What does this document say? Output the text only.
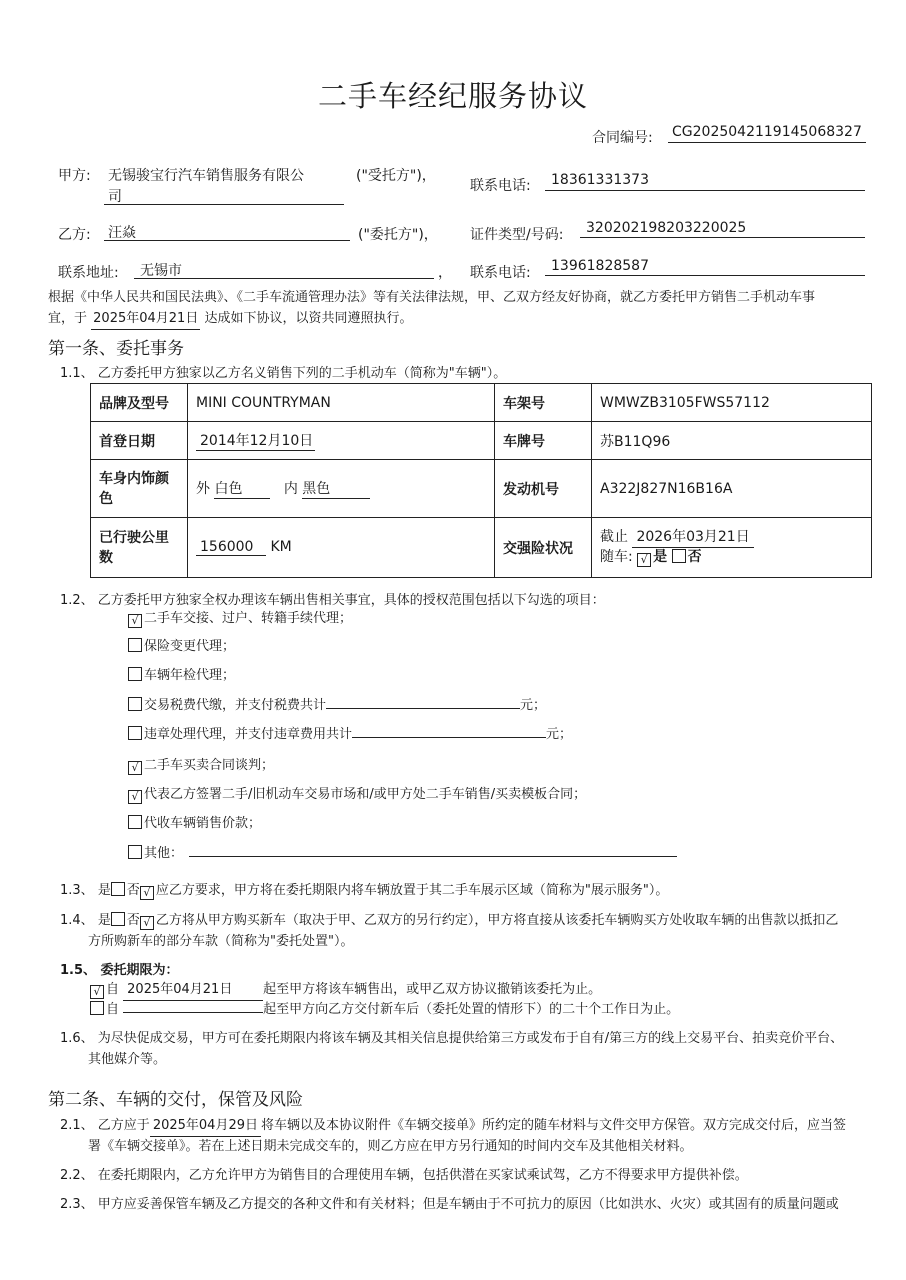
二手车经纪服务协议
合同编号: CG2025042119145068327
甲方: 无锡骏宝行汽车销售服务有限公
司
("受托方")，
联系电话: 18361331373
乙方: 汪焱	("委托方")， 证件类型/号码: 320202198203220025
联系地址: 无锡市	， 联系电话: 13961828587
根据《中华人民共和国民法典》、《二手车流通管理办法》等有关法律法规，甲、乙双方经友好协商，就乙方委托甲方销售二手机动车事
宜，于 2025年04月21日 达成如下协议，以资共同遵照执行。
第一条、委托事务
1.1、 乙方委托甲方独家以乙方名义销售下列的二手机动车（简称为"车辆"）。
品牌及型号	MINI COUNTRYMAN	车架号	WMWZB3105FWS57112
首登日期	2014年12月10日	车牌号	苏B11Q96
车身内饰颜色	外 白色 内 黑色	发动机号	A322J827N16B16A
已行驶公里数	156000 KM	交强险状况	截止 2026年03月21日
随车: √ 是 否
1.2、 乙方委托甲方独家全权办理该车辆出售相关事宜，具体的授权范围包括以下勾选的项目：
√ 二手车交接、过户、转籍手续代理；
保险变更代理；
车辆年检代理；
交易税费代缴，并支付税费共计	元；
违章处理代理，并支付违章费用共计	元；
√ 二手车买卖合同谈判；
√ 代表乙方签署二手/旧机动车交易市场和/或甲方处二手车销售/买卖模板合同；
代收车辆销售价款；
其他：
1.3、 是 否 √ 应乙方要求，甲方将在委托期限内将车辆放置于其二手车展示区域（简称为"展示服务"）。
1.4、 是 否 √ 乙方将从甲方购买新车（取决于甲、乙双方的另行约定），甲方将直接从该委托车辆购买方处收取车辆的出售款以抵扣乙
方所购新车的部分车款（简称为"委托处置"）。
1.5、 委托期限为：
√ 自 2025年04月21日 起至甲方将该车辆售出，或甲乙双方协议撤销该委托为止。
自	起至甲方向乙方交付新车后（委托处置的情形下）的二十个工作日为止。
1.6、 为尽快促成交易，甲方可在委托期限内将该车辆及其相关信息提供给第三方或发布于自有/第三方的线上交易平台、拍卖竞价平台、
其他媒介等。
第二条、车辆的交付，保管及风险
2.1、 乙方应于 2025年04月29日 将车辆以及本协议附件《车辆交接单》所约定的随车材料与文件交甲方保管。双方完成交付后，应当签
署《车辆交接单》。若在上述日期未完成交车的，则乙方应在甲方另行通知的时间内交车及其他相关材料。
2.2、 在委托期限内，乙方允许甲方为销售目的合理使用车辆，包括供潜在买家试乘试驾，乙方不得要求甲方提供补偿。
2.3、 甲方应妥善保管车辆及乙方提交的各种文件和有关材料；但是车辆由于不可抗力的原因（比如洪水、火灾）或其固有的质量问题或
